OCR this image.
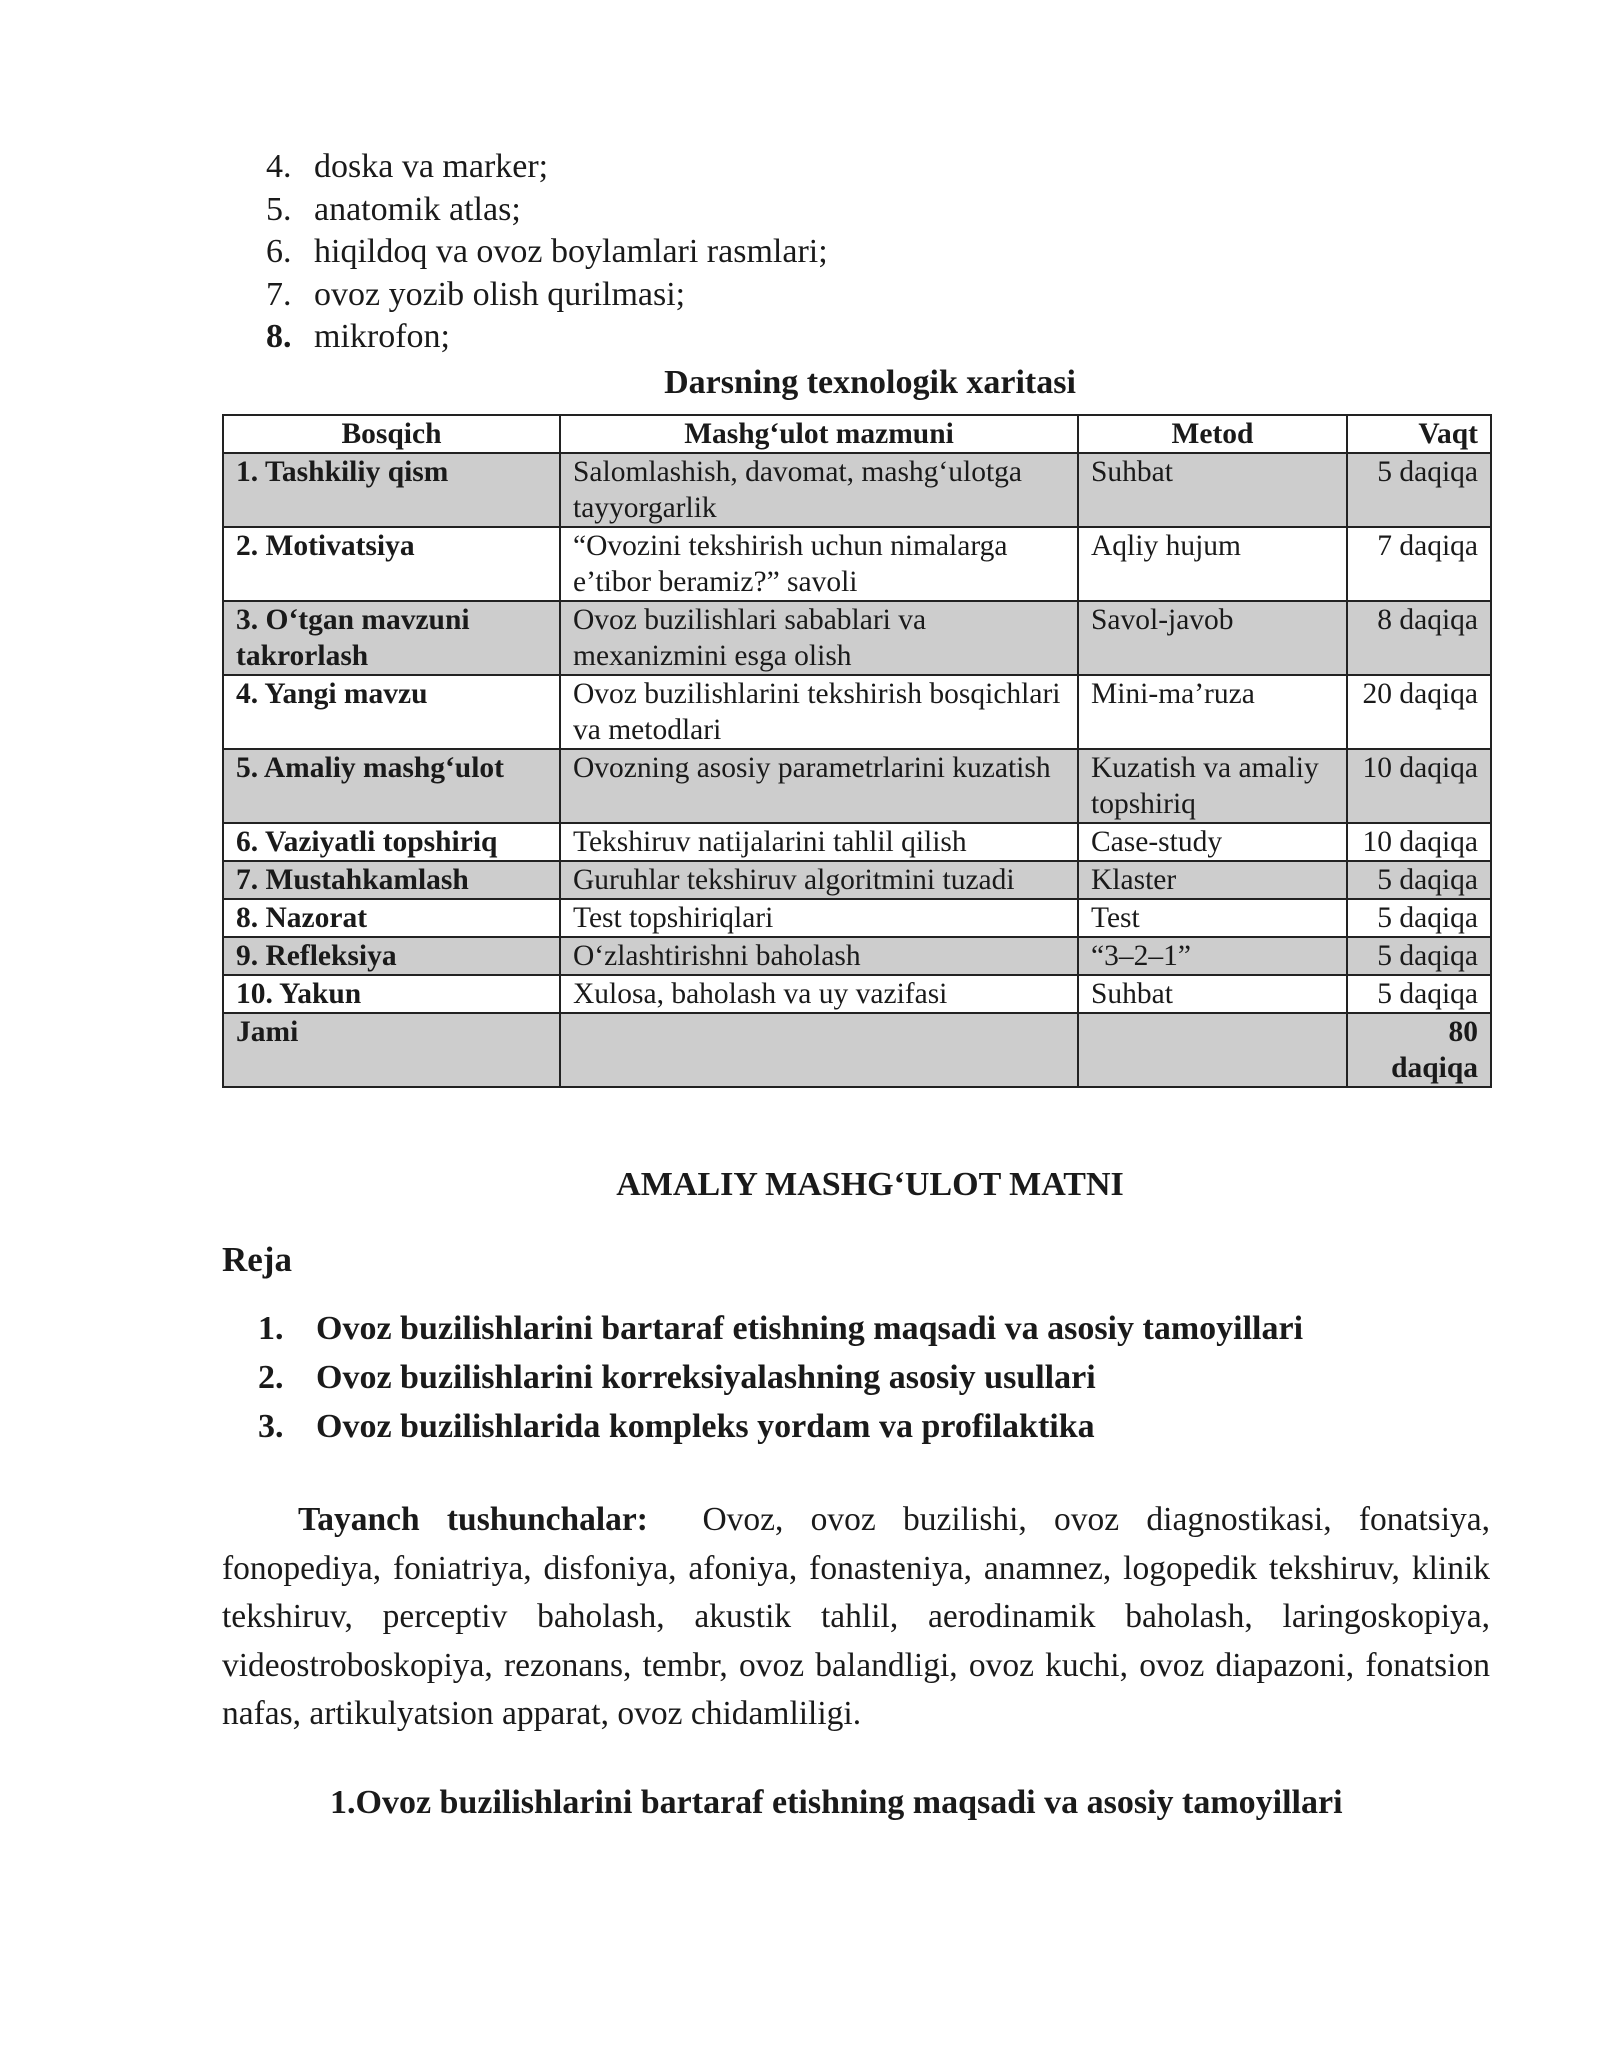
4. doska va marker;
5. anatomik atlas;
6. hiqildoq va ovoz boylamlari rasmlari;
7. ovoz yozib olish qurilmasi;
8. mikrofon;
Darsning texnologik xaritasi
Bosqich	Mashg‘ulot mazmuni	Metod	Vaqt
1. Tashkiliy qism	Salomlashish, davomat, mashg‘ulotga tayyorgarlik	Suhbat	5 daqiqa
2. Motivatsiya	“Ovozini tekshirish uchun nimalarga e’tibor beramiz?” savoli	Aqliy hujum	7 daqiqa
3. O‘tgan mavzuni takrorlash	Ovoz buzilishlari sabablari va mexanizmini esga olish	Savol-javob	8 daqiqa
4. Yangi mavzu	Ovoz buzilishlarini tekshirish bosqichlari va metodlari	Mini-ma’ruza	20 daqiqa
5. Amaliy mashg‘ulot	Ovozning asosiy parametrlarini kuzatish	Kuzatish va amaliy topshiriq	10 daqiqa
6. Vaziyatli topshiriq	Tekshiruv natijalarini tahlil qilish	Case-study	10 daqiqa
7. Mustahkamlash	Guruhlar tekshiruv algoritmini tuzadi	Klaster	5 daqiqa
8. Nazorat	Test topshiriqlari	Test	5 daqiqa
9. Refleksiya	O‘zlashtirishni baholash	“3–2–1”	5 daqiqa
10. Yakun	Xulosa, baholash va uy vazifasi	Suhbat	5 daqiqa
Jami			80 daqiqa
AMALIY MASHG‘ULOT MATNI
Reja
1. Ovoz buzilishlarini bartaraf etishning maqsadi va asosiy tamoyillari
2. Ovoz buzilishlarini korreksiyalashning asosiy usullari
3. Ovoz buzilishlarida kompleks yordam va profilaktika

Tayanch tushunchalar: Ovoz, ovoz buzilishi, ovoz diagnostikasi, fonatsiya, fonopediya, foniatriya, disfoniya, afoniya, fonasteniya, anamnez, logopedik tekshiruv, klinik tekshiruv, perceptiv baholash, akustik tahlil, aerodinamik baholash, laringoskopiya, videostroboskopiya, rezonans, tembr, ovoz balandligi, ovoz kuchi, ovoz diapazoni, fonatsion nafas, artikulyatsion apparat, ovoz chidamliligi.

1.Ovoz buzilishlarini bartaraf etishning maqsadi va asosiy tamoyillari
